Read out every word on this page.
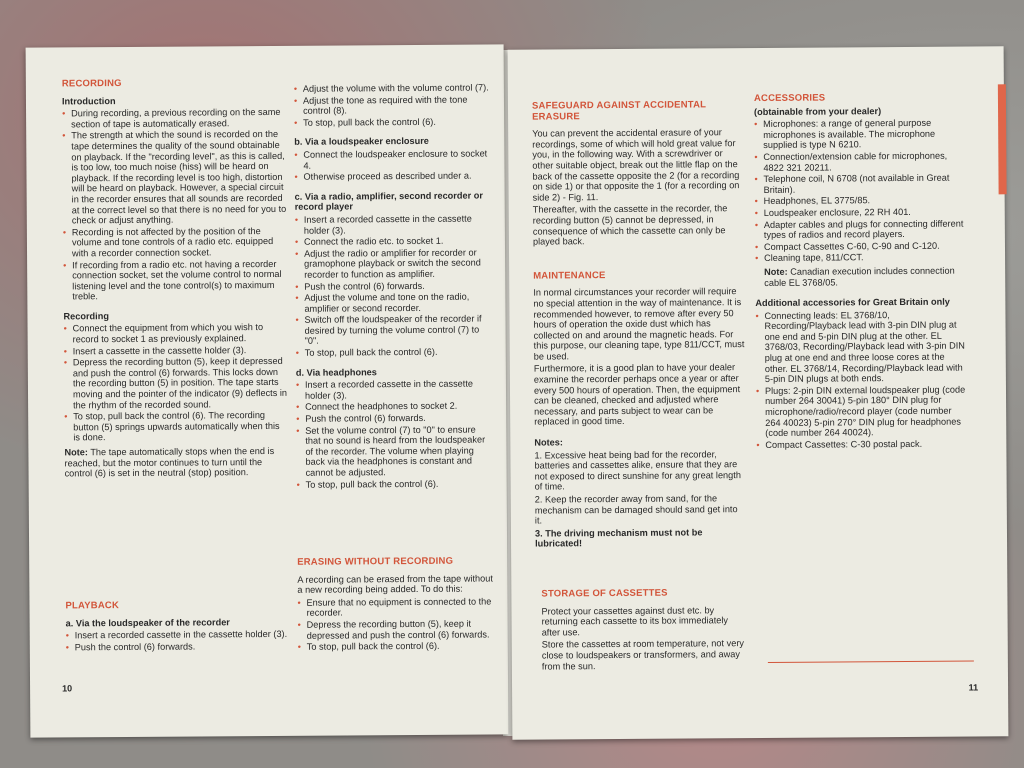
RECORDING
Introduction
• During recording, a previous recording on the same section of tape is automatically erased.
• The strength at which the sound is recorded on the tape determines the quality of the sound obtainable on playback. If the "recording level", as this is called, is too low, too much noise (hiss) will be heard on playback. If the recording level is too high, distortion will be heard on playback. However, a special circuit in the recorder ensures that all sounds are recorded at the correct level so that there is no need for you to check or adjust anything.
• Recording is not affected by the position of the volume and tone controls of a radio etc. equipped with a recorder connection socket.
• If recording from a radio etc. not having a recorder connection socket, set the volume control to normal listening level and the tone control(s) to maximum treble.
Recording
• Connect the equipment from which you wish to record to socket 1 as previously explained.
• Insert a cassette in the cassette holder (3).
• Depress the recording button (5), keep it depressed and push the control (6) forwards. This locks down the recording button (5) in position. The tape starts moving and the pointer of the indicator (9) deflects in the rhythm of the recorded sound.
• To stop, pull back the control (6). The recording button (5) springs upwards automatically when this is done.
Note: The tape automatically stops when the end is reached, but the motor continues to turn until the control (6) is set in the neutral (stop) position.
PLAYBACK
a. Via the loudspeaker of the recorder
• Insert a recorded cassette in the cassette holder (3).
• Push the control (6) forwards.
• Adjust the volume with the volume control (7).
• Adjust the tone as required with the tone control (8).
• To stop, pull back the control (6).
b. Via a loudspeaker enclosure
• Connect the loudspeaker enclosure to socket 4.
• Otherwise proceed as described under a.
c. Via a radio, amplifier, second recorder or record player
• Insert a recorded cassette in the cassette holder (3).
• Connect the radio etc. to socket 1.
• Adjust the radio or amplifier for recorder or gramophone playback or switch the second recorder to function as amplifier.
• Push the control (6) forwards.
• Adjust the volume and tone on the radio, amplifier or second recorder.
• Switch off the loudspeaker of the recorder if desired by turning the volume control (7) to "0".
• To stop, pull back the control (6).
d. Via headphones
• Insert a recorded cassette in the cassette holder (3).
• Connect the headphones to socket 2.
• Push the control (6) forwards.
• Set the volume control (7) to "0" to ensure that no sound is heard from the loudspeaker of the recorder. The volume when playing back via the headphones is constant and cannot be adjusted.
• To stop, pull back the control (6).
ERASING WITHOUT RECORDING
A recording can be erased from the tape without a new recording being added. To do this:
• Ensure that no equipment is connected to the recorder.
• Depress the recording button (5), keep it depressed and push the control (6) forwards.
• To stop, pull back the control (6).
10
SAFEGUARD AGAINST ACCIDENTAL ERASURE
You can prevent the accidental erasure of your recordings, some of which will hold great value for you, in the following way. With a screwdriver or other suitable object, break out the little flap on the back of the cassette opposite the 2 (for a recording on side 1) or that opposite the 1 (for a recording on side 2) - Fig. 11.
Thereafter, with the cassette in the recorder, the recording button (5) cannot be depressed, in consequence of which the cassette can only be played back.
MAINTENANCE
In normal circumstances your recorder will require no special attention in the way of maintenance. It is recommended however, to remove after every 50 hours of operation the oxide dust which has collected on and around the magnetic heads. For this purpose, our cleaning tape, type 811/CCT, must be used.
Furthermore, it is a good plan to have your dealer examine the recorder perhaps once a year or after every 500 hours of operation. Then, the equipment can be cleaned, checked and adjusted where necessary, and parts subject to wear can be replaced in good time.
Notes:
1. Excessive heat being bad for the recorder, batteries and cassettes alike, ensure that they are not exposed to direct sunshine for any great length of time.
2. Keep the recorder away from sand, for the mechanism can be damaged should sand get into it.
3. The driving mechanism must not be lubricated!
STORAGE OF CASSETTES
Protect your cassettes against dust etc. by returning each cassette to its box immediately after use.
Store the cassettes at room temperature, not very close to loudspeakers or transformers, and away from the sun.
ACCESSORIES
(obtainable from your dealer)
• Microphones: a range of general purpose microphones is available. The microphone supplied is type N 6210.
• Connection/extension cable for microphones, 4822 321 20211.
• Telephone coil, N 6708 (not available in Great Britain).
• Headphones, EL 3775/85.
• Loudspeaker enclosure, 22 RH 401.
• Adapter cables and plugs for connecting different types of radios and record players.
• Compact Cassettes C-60, C-90 and C-120.
• Cleaning tape, 811/CCT.
Note: Canadian execution includes connection cable EL 3768/05.
Additional accessories for Great Britain only
• Connecting leads: EL 3768/10, Recording/Playback lead with 3-pin DIN plug at one end and 5-pin DIN plug at the other. EL 3768/03, Recording/Playback lead with 3-pin DIN plug at one end and three loose cores at the other. EL 3768/14, Recording/Playback lead with 5-pin DIN plugs at both ends.
• Plugs: 2-pin DIN external loudspeaker plug (code number 264 30041) 5-pin 180° DIN plug for microphone/radio/record player (code number 264 40023) 5-pin 270° DIN plug for headphones (code number 264 40024).
• Compact Cassettes: C-30 postal pack.
11
